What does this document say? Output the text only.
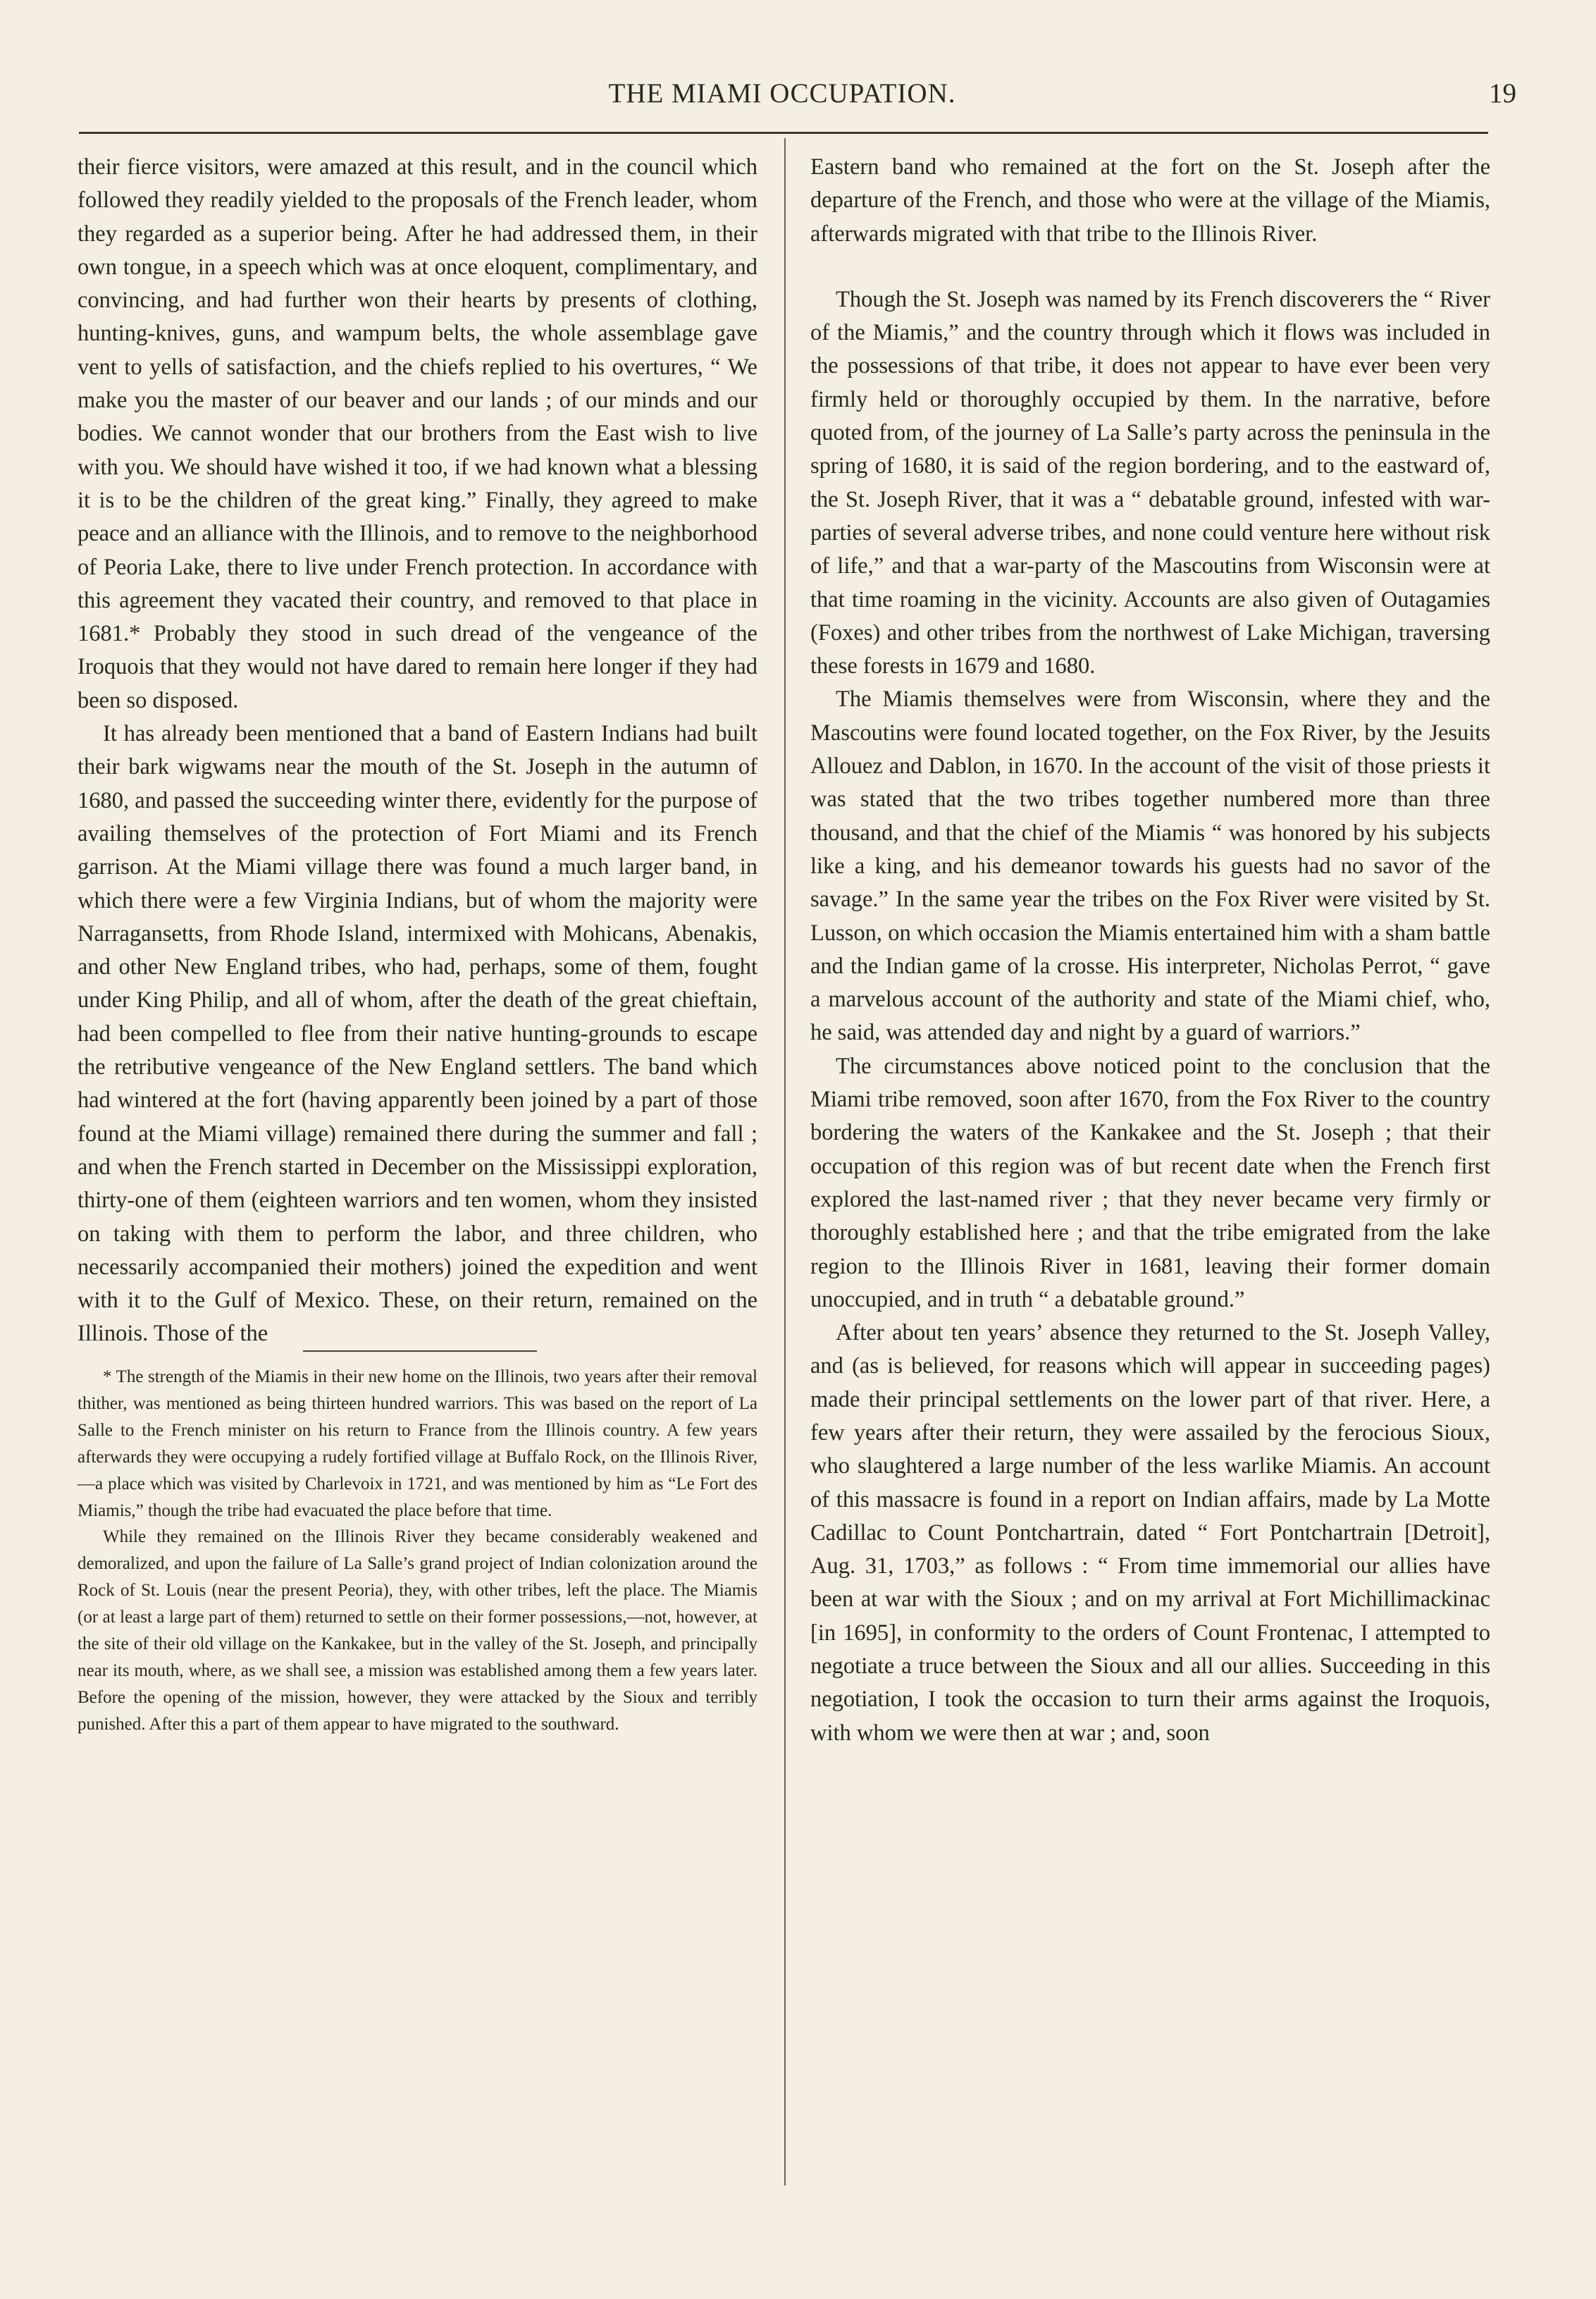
THE MIAMI OCCUPATION.	19

their fierce visitors, were amazed at this result, and in the council which followed they readily yielded to the proposals of the French leader, whom they regarded as a superior being. After he had addressed them, in their own tongue, in a speech which was at once eloquent, complimentary, and convincing, and had further won their hearts by presents of clothing, hunting-knives, guns, and wampum belts, the whole assemblage gave vent to yells of satisfaction, and the chiefs replied to his overtures, “ We make you the master of our beaver and our lands ; of our minds and our bodies. We cannot wonder that our brothers from the East wish to live with you. We should have wished it too, if we had known what a blessing it is to be the children of the great king.” Finally, they agreed to make peace and an alliance with the Illinois, and to remove to the neighborhood of Peoria Lake, there to live under French protection. In accordance with this agreement they vacated their country, and removed to that place in 1681.* Probably they stood in such dread of the vengeance of the Iroquois that they would not have dared to remain here longer if they had been so disposed.

It has already been mentioned that a band of Eastern Indians had built their bark wigwams near the mouth of the St. Joseph in the autumn of 1680, and passed the succeeding winter there, evidently for the purpose of availing themselves of the protection of Fort Miami and its French garrison. At the Miami village there was found a much larger band, in which there were a few Virginia Indians, but of whom the majority were Narragansetts, from Rhode Island, intermixed with Mohicans, Abenakis, and other New England tribes, who had, perhaps, some of them, fought under King Philip, and all of whom, after the death of the great chieftain, had been compelled to flee from their native hunting-grounds to escape the retributive vengeance of the New England settlers. The band which had wintered at the fort (having apparently been joined by a part of those found at the Miami village) remained there during the summer and fall ; and when the French started in December on the Mississippi exploration, thirty-one of them (eighteen warriors and ten women, whom they insisted on taking with them to perform the labor, and three children, who necessarily accompanied their mothers) joined the expedition and went with it to the Gulf of Mexico. These, on their return, remained on the Illinois. Those of the

* The strength of the Miamis in their new home on the Illinois, two years after their removal thither, was mentioned as being thirteen hundred warriors. This was based on the report of La Salle to the French minister on his return to France from the Illinois country. A few years afterwards they were occupying a rudely fortified village at Buffalo Rock, on the Illinois River,—a place which was visited by Charlevoix in 1721, and was mentioned by him as “Le Fort des Miamis,” though the tribe had evacuated the place before that time.

While they remained on the Illinois River they became considerably weakened and demoralized, and upon the failure of La Salle’s grand project of Indian colonization around the Rock of St. Louis (near the present Peoria), they, with other tribes, left the place. The Miamis (or at least a large part of them) returned to settle on their former possessions,—not, however, at the site of their old village on the Kankakee, but in the valley of the St. Joseph, and principally near its mouth, where, as we shall see, a mission was established among them a few years later. Before the opening of the mission, however, they were attacked by the Sioux and terribly punished. After this a part of them appear to have migrated to the southward.

Eastern band who remained at the fort on the St. Joseph after the departure of the French, and those who were at the village of the Miamis, afterwards migrated with that tribe to the Illinois River.

Though the St. Joseph was named by its French discoverers the “ River of the Miamis,” and the country through which it flows was included in the possessions of that tribe, it does not appear to have ever been very firmly held or thoroughly occupied by them. In the narrative, before quoted from, of the journey of La Salle’s party across the peninsula in the spring of 1680, it is said of the region bordering, and to the eastward of, the St. Joseph River, that it was a “ debatable ground, infested with war-parties of several adverse tribes, and none could venture here without risk of life,” and that a war-party of the Mascoutins from Wisconsin were at that time roaming in the vicinity. Accounts are also given of Outagamies (Foxes) and other tribes from the northwest of Lake Michigan, traversing these forests in 1679 and 1680.

The Miamis themselves were from Wisconsin, where they and the Mascoutins were found located together, on the Fox River, by the Jesuits Allouez and Dablon, in 1670. In the account of the visit of those priests it was stated that the two tribes together numbered more than three thousand, and that the chief of the Miamis “ was honored by his subjects like a king, and his demeanor towards his guests had no savor of the savage.” In the same year the tribes on the Fox River were visited by St. Lusson, on which occasion the Miamis entertained him with a sham battle and the Indian game of la crosse. His interpreter, Nicholas Perrot, “ gave a marvelous account of the authority and state of the Miami chief, who, he said, was attended day and night by a guard of warriors.”

The circumstances above noticed point to the conclusion that the Miami tribe removed, soon after 1670, from the Fox River to the country bordering the waters of the Kankakee and the St. Joseph ; that their occupation of this region was of but recent date when the French first explored the last-named river ; that they never became very firmly or thoroughly established here ; and that the tribe emigrated from the lake region to the Illinois River in 1681, leaving their former domain unoccupied, and in truth “ a debatable ground.”

After about ten years’ absence they returned to the St. Joseph Valley, and (as is believed, for reasons which will appear in succeeding pages) made their principal settlements on the lower part of that river. Here, a few years after their return, they were assailed by the ferocious Sioux, who slaughtered a large number of the less warlike Miamis. An account of this massacre is found in a report on Indian affairs, made by La Motte Cadillac to Count Pontchartrain, dated “ Fort Pontchartrain [Detroit], Aug. 31, 1703,” as follows : “ From time immemorial our allies have been at war with the Sioux ; and on my arrival at Fort Michillimackinac [in 1695], in conformity to the orders of Count Frontenac, I attempted to negotiate a truce between the Sioux and all our allies. Succeeding in this negotiation, I took the occasion to turn their arms against the Iroquois, with whom we were then at war ; and, soon
